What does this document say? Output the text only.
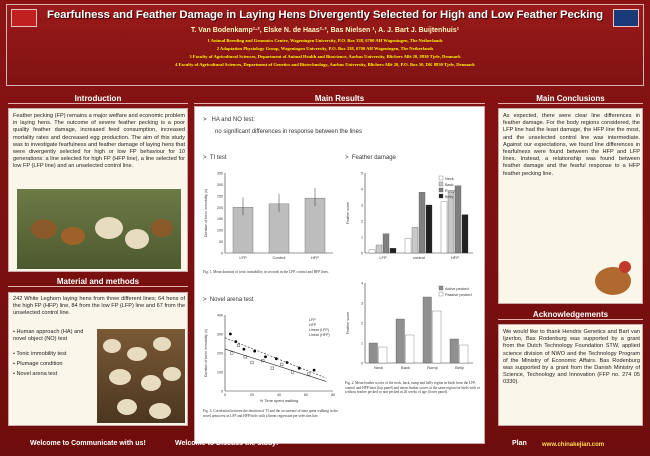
Fearfulness and Feather Damage in Laying Hens Divergently Selected for High and Low Feather Pecking
T. Van Bodenkamp¹·², Elske N. de Haas²·³, Bas Nielsen ¹, A. J. Bart J. Buijtenhuis¹
1 Animal Breeding and Genomics Centre, Wageningen University, P.O. Box 338, 6700 AH Wageningen, The Netherlands
2 Adaptation Physiology Group, Wageningen University, P.O. Box 338, 6700 AH Wageningen, The Netherlands
3 Faculty of Agricultural Sciences, Department of Animal Health and Bioscience, Aarhus University, Blichers Allé 20, 8830 Tjele, Denmark
4 Faculty of Agricultural Sciences, Department of Genetics and Biotechnology, Aarhus University, Blichers Allé 20, P.O. Box 50, DK 8830 Tjele, Denmark
Introduction
Feather pecking (FP) remains a major welfare and economic problem in laying hens. The outcome of severe feather pecking is a poor quality feather damage, increased feed consumption, increased mortality rates and decreased egg production. The aim of this study was to investigate fearfulness and feather damage of laying hens that were divergently selected for high or low FP behaviour for 10 generations: a line selected for high FP (HFP line), a line selected for low FP (LFP line) and an unselected control line.
Material and methods
242 White Leghorn laying hens from three different lines; 64 hens of the high FP (HFP) line, 84 from the low FP (LFP) line and 67 from the unselected control line.
• Human approach (HA) and novel object (NO) test
• Tonic immobility test
• Plumage condition
• Novel arena test
Main Results
>   HA and NO test:
no significant differences in response between the lines
>  TI test	>  Feather damage
>  Novel arena test
0
50
100
150
200
250
300
350
Duration of tonic immobility (s)
LFP	Control	HFP
Fig. 1. Mean duration of tonic immobility in seconds in the LFP, control and HFP lines.
0
1
2
3
4
5
Feather score
LFP	control	HFP
Neck
Back
Rump
Belly
0
1
2
3
4
Feather score
Neck	Back	Rump	Belly
Active pecked
Passive pecked
Fig. 2. Mean feather scores of the neck, back, rump and belly region in birds from the LFP, control and HFP lines (top panel) and mean feather scores at the same region for birds with or without feather pecked or non pecked at 20 weeks of age (lower panel).
0
100
200
300
400
Duration of tonic immobility (s)
0	20	40	60	80
% Time spent walking
LFP
HFP
Linear (LFP)
Linear (HFP)
Fig. 3. Correlation between the duration of TI and the occurrence of time spent walking in the novel arena test in LFP and HFP birds with a linear regression per selection line.
Main Conclusions
As expected, there were clear line differences in feather damage. For the body regions considered, the LFP line had the least damage, the HFP line the most, and the unselected control line was intermediate. Against our expectations, we found line differences in fearfulness were found between the HFP and LFP lines. Instead, a relationship was found between feather damage and the fearful response to a HFP feather pecking line.
Acknowledgements
We would like to thank Hendrix Genetics and Bart van Ijzerloo, Bas Rodenburg was supported by a grant from the Dutch Technology Foundation STW, applied science division of NWO and the Technology Program of the Ministry of Economic Affairs. Bas Rodenburg was supported by a grant from the Danish Ministry of Science, Technology and Innovation (FFP no. 274 05 0330).
Welcome to Communicate with us!	Welcome to Discuss the study!	Plan	www.chinakejian.com
